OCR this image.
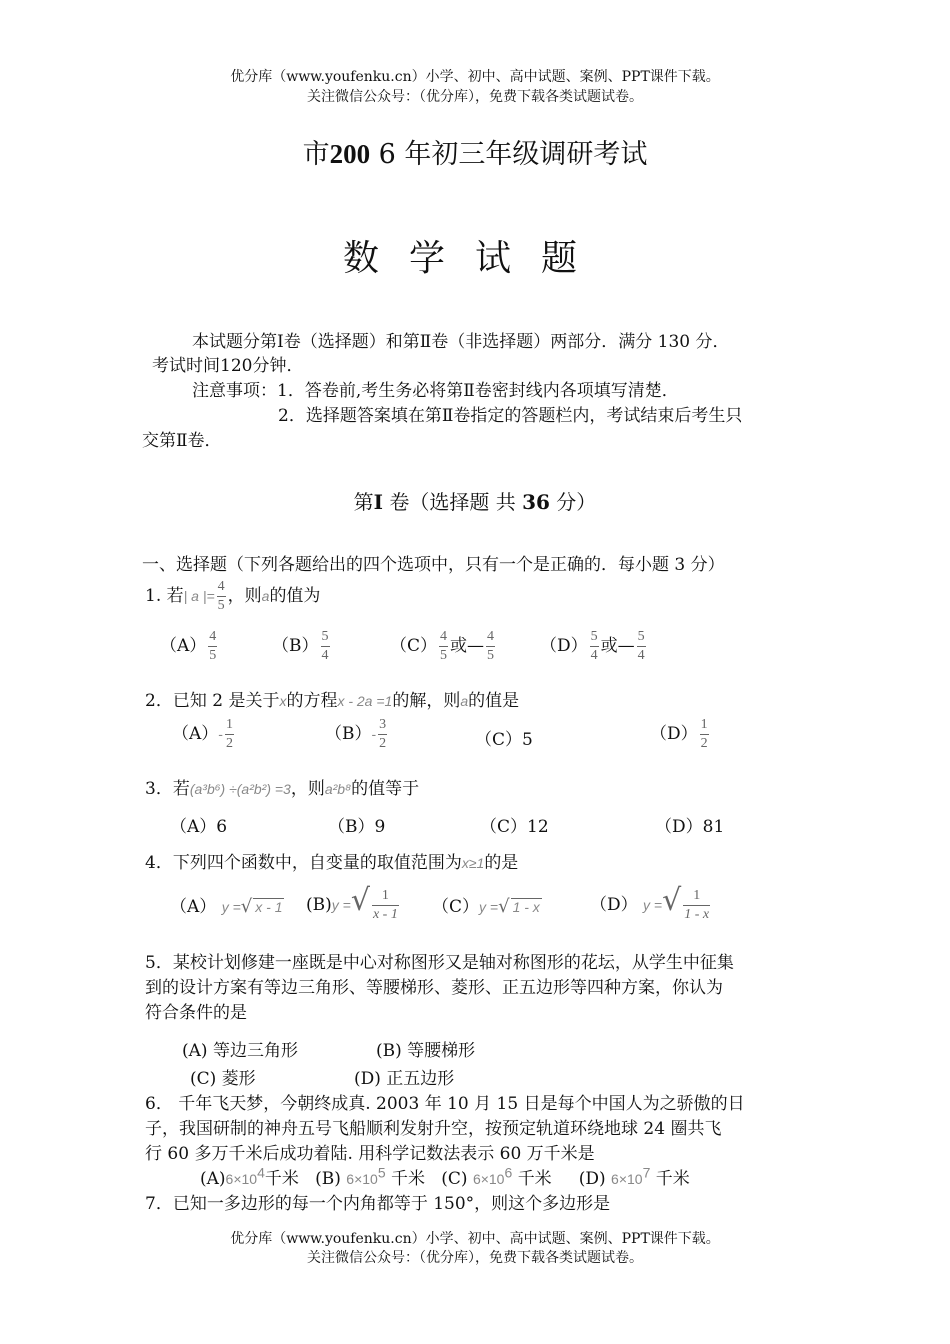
优分库（www.youfenku.cn）小学、初中、高中试题、案例、PPT课件下载。
关注微信公众号：（优分库），免费下载各类试题试卷。
市200 6 年初三年级调研考试
数学试题
本试题分第Ⅰ卷（选择题）和第Ⅱ卷（非选择题）两部分．满分 130 分．
考试时间120分钟．
注意事项：1．答卷前,考生务必将第Ⅱ卷密封线内各项填写清楚．
2．选择题答案填在第Ⅱ卷指定的答题栏内，考试结束后考生只
交第Ⅱ卷．
第I 卷（选择题 共 36 分）
一、选择题（下列各题给出的四个选项中，只有一个是正确的．每小题 3 分）
1. 若| a |= $\frac{4}{5}$ ，则a的值为
$(A) \frac{4}{5}$	$(B) \frac{5}{4}$	$(C) \frac{4}{5}$ 或— $\frac{4}{5}$	$(D) \frac{5}{4}$ 或— $\frac{5}{4}$
2．已知 2 是关于x的方程x - 2a =1的解，则a的值是
$(A)- \frac{1}{2}$	$(B)- \frac{3}{2}$	（C）5	$(D) \frac{1}{2}$
3．若(a³b⁶) ÷(a²b²) =3，则a²b⁸的值等于
（A）6	（B）9	（C）12	（D）81
4．下列四个函数中，自变量的取值范围为x≥1的是
（A） y =√ x - 1 (B)y =√ $\frac{1}{x - 1} (C)y$ =√ 1 - x	（D） y =√ $\frac{1}{1 - x}$
5．某校计划修建一座既是中心对称图形又是轴对称图形的花坛，从学生中征集
到的设计方案有等边三角形、等腰梯形、菱形、正五边形等四种方案，你认为
符合条件的是
(A) 等边三角形	(B) 等腰梯形
(C) 菱形	(D) 正五边形
6． 千年飞天梦，今朝终成真. 2003 年 10 月 15 日是每个中国人为之骄傲的日
子，我国研制的神舟五号飞船顺利发射升空，按预定轨道环绕地球 24 圈共飞
行 60 多万千米后成功着陆. 用科学记数法表示 60 万千米是
$(A)6\times 10^4$千米 (B) $6\times 10^5$ 千米 (C) $6\times 10^6$ 千米 (D) $6\times 10^7$ 千米
7．已知一多边形的每一个内角都等于 150°，则这个多边形是
优分库（www.youfenku.cn）小学、初中、高中试题、案例、PPT课件下载。
关注微信公众号：（优分库），免费下载各类试题试卷。
